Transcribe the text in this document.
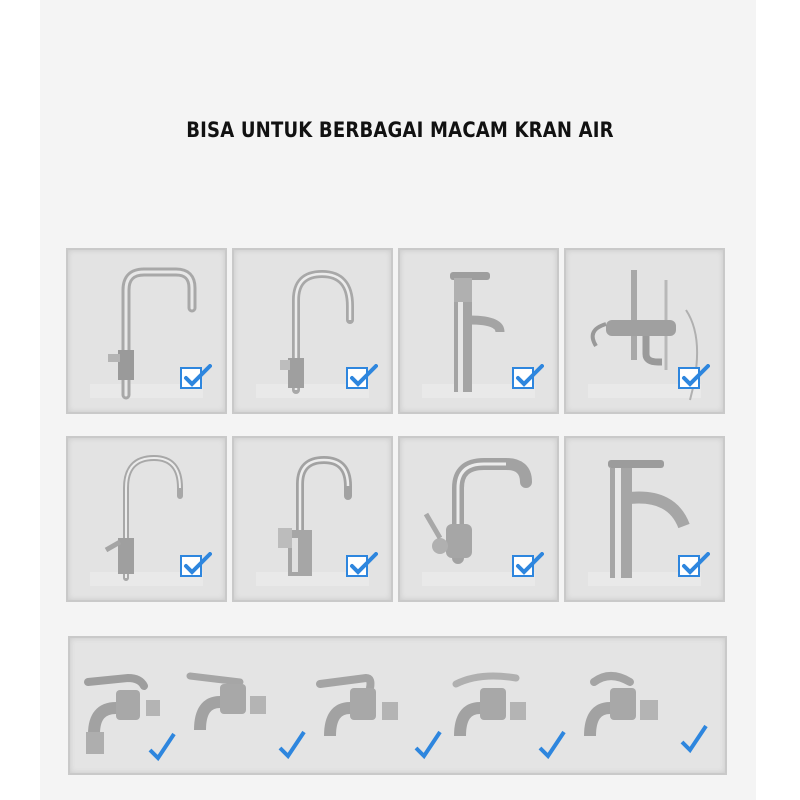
BISA UNTUK BERBAGAI MACAM KRAN AIR
